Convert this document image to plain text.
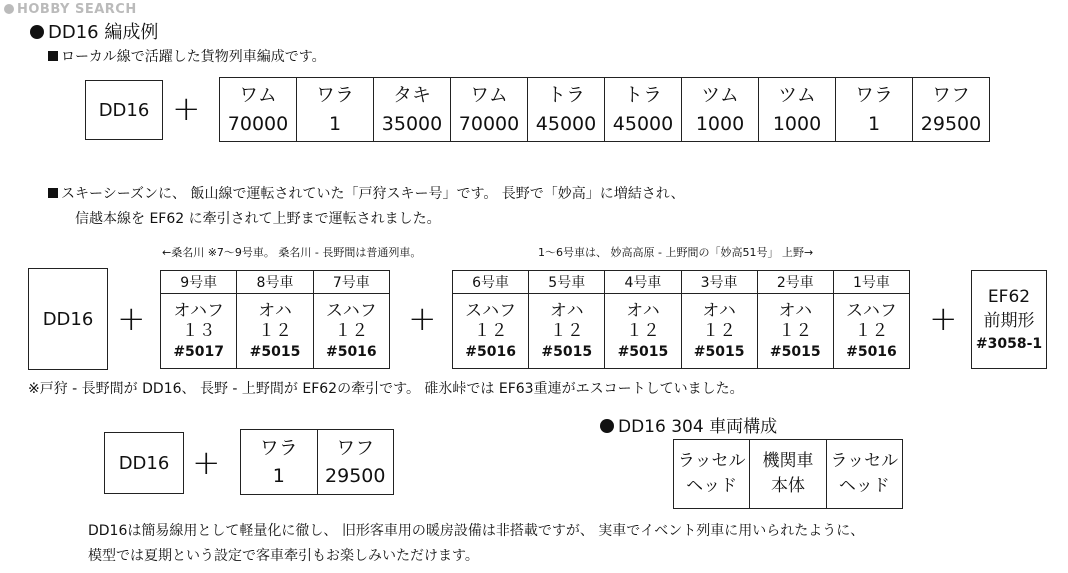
HOBBY SEARCH
DD16 編成例
ローカル線で活躍した貨物列車編成です。
DD16 + ワム
70000
ワラ
1
タキ
35000
ワム
70000
トラ
45000
トラ
45000
ツム
1000
ツム
1000
ワラ
1
ワフ
29500
スキーシーズンに、 飯山線で運転されていた「戸狩スキー号」です。 長野で「妙高」に増結され、
信越本線を EF62 に牽引されて上野まで運転されました。
←桑名川 ※7～9号車。 桑名川 - 長野間は普通列車。	1～6号車は、 妙高高原 - 上野間の「妙高51号」 上野→
DD16 +
9号車
オハフ
１３
#5017
8号車
オハ
１２
#5015
7号車
スハフ
１２
#5016
+
6号車
スハフ
１２
#5016
5号車
オハ
１２
#5015
4号車
オハ
１２
#5015
3号車
オハ
１２
#5015
2号車
オハ
１２
#5015
1号車
スハフ
１２
#5016
+
EF62
前期形
#3058-1
※戸狩 - 長野間が DD16、 長野 - 上野間が EF62の牽引です。 碓氷峠では EF63重連がエスコートしていました。
DD16 + ワラ
1
ワフ
29500
DD16 304 車両構成
ラッセル
ヘッド
機関車
本体
ラッセル
ヘッド
DD16は簡易線用として軽量化に徹し、 旧形客車用の暖房設備は非搭載ですが、 実車でイベント列車に用いられたように、
模型では夏期という設定で客車牽引もお楽しみいただけます。
